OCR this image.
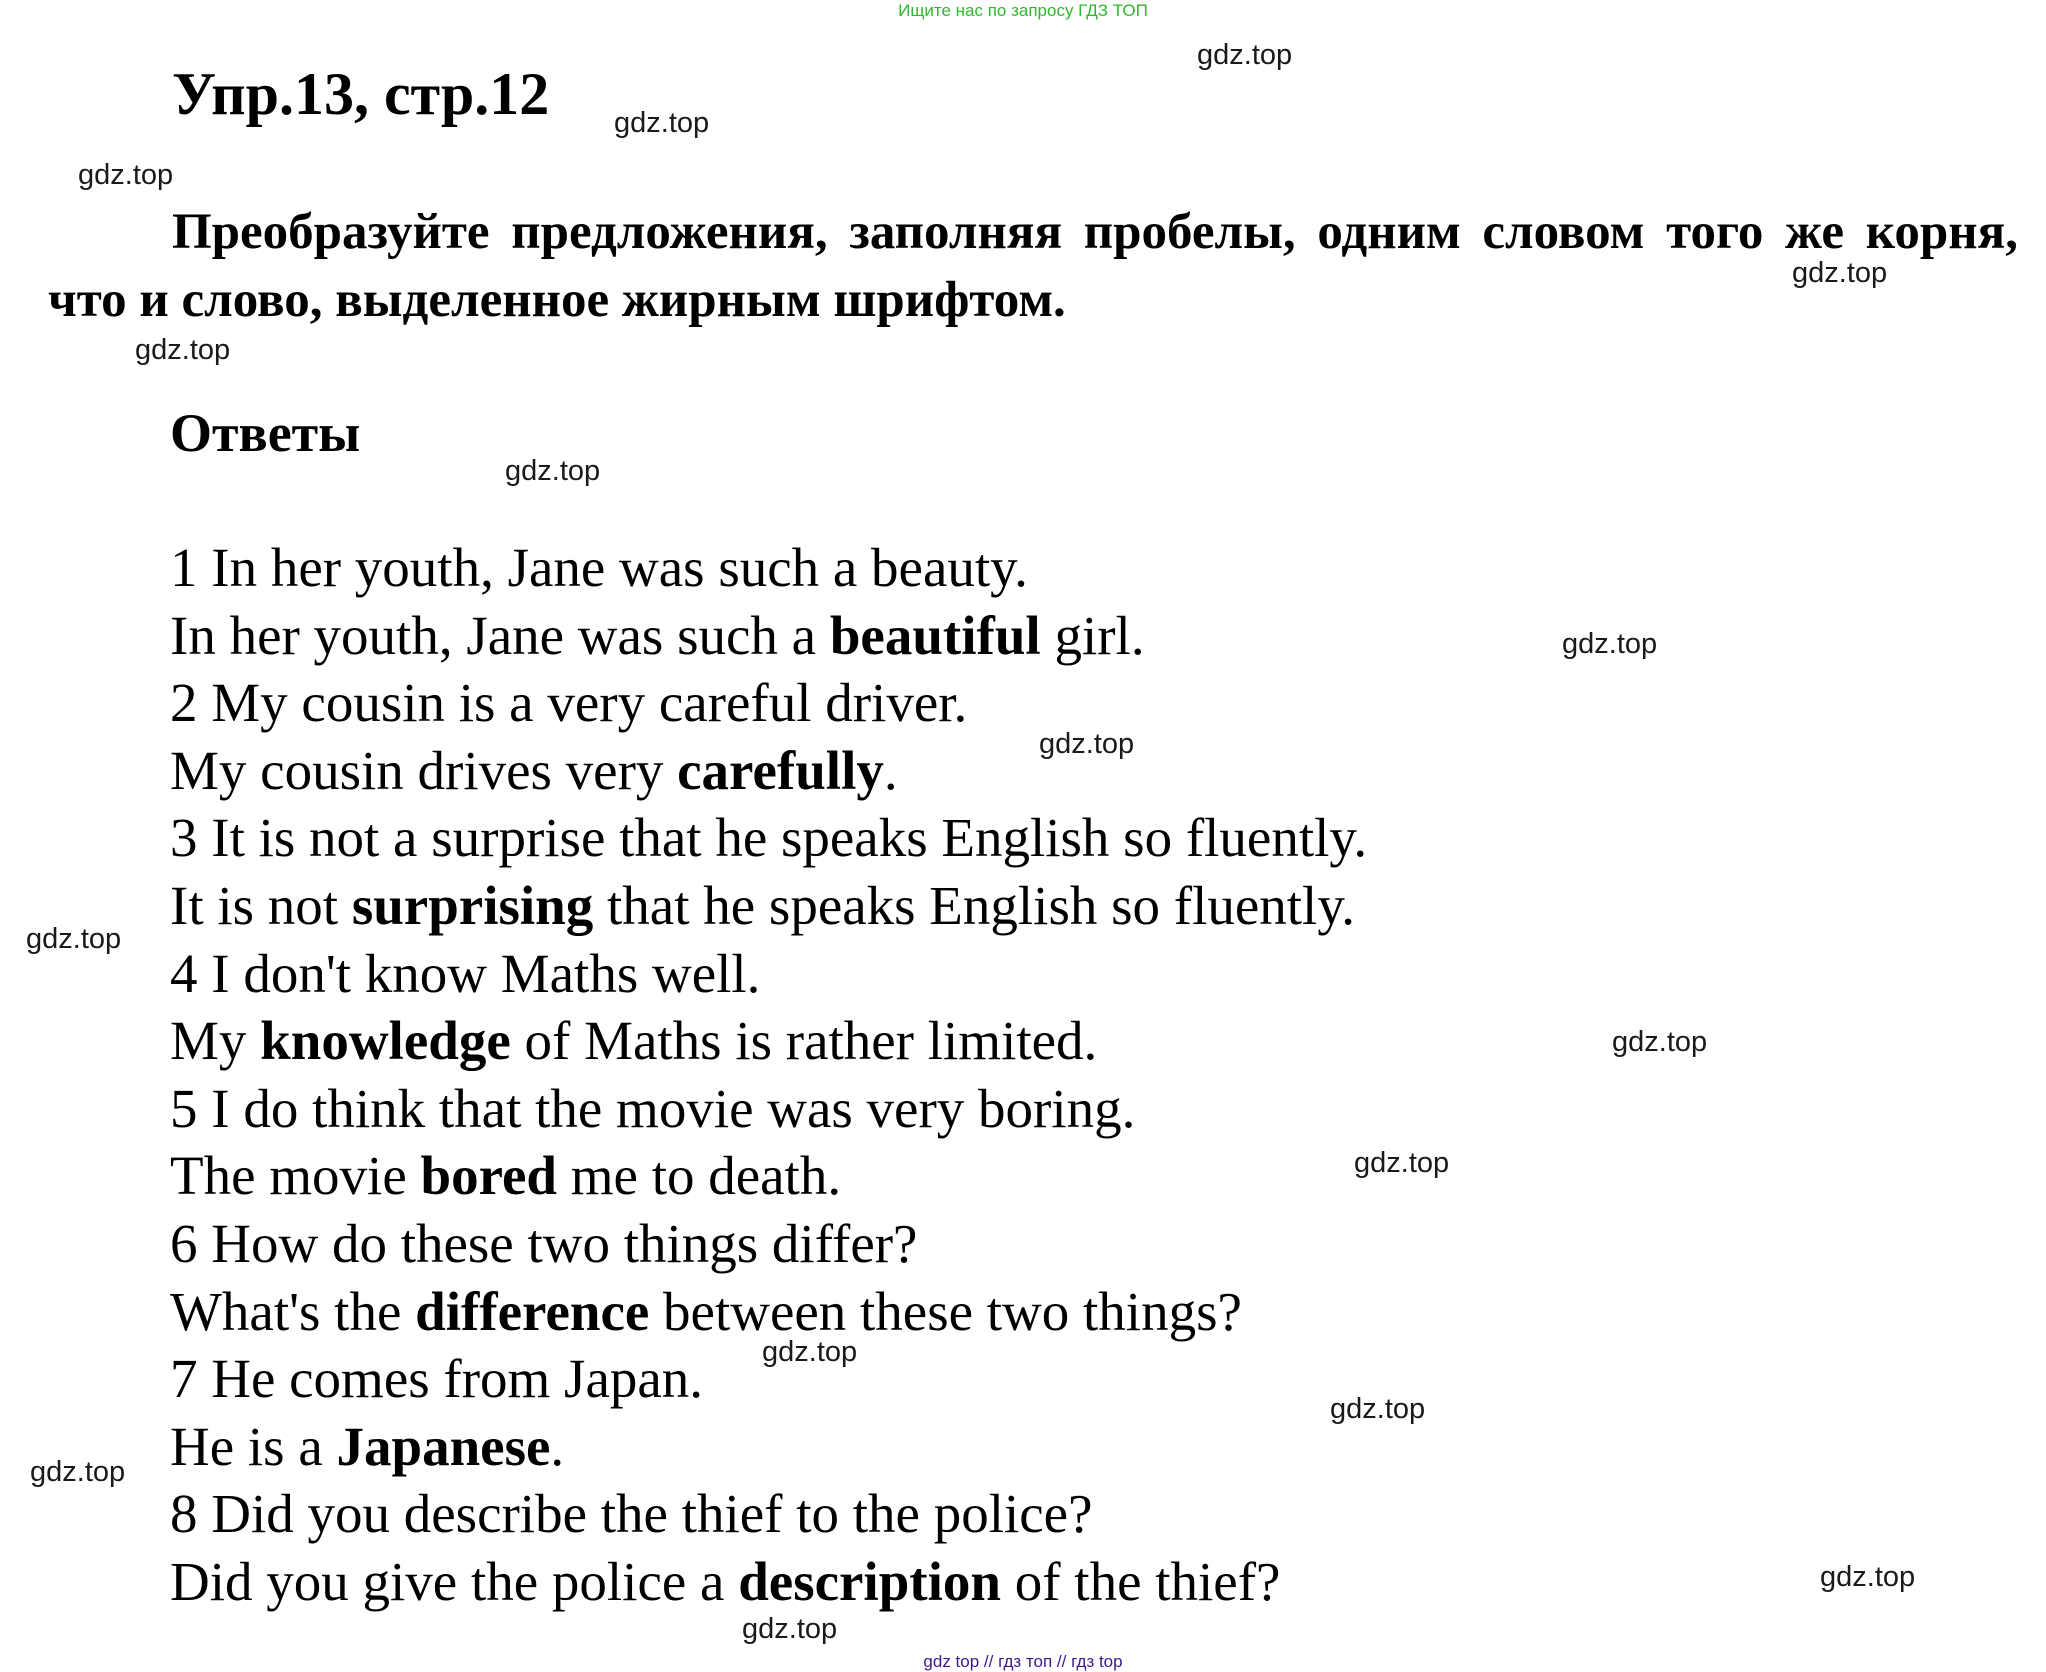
Ищите нас по запросу ГДЗ ТОП
Упр.13, стр.12
Преобразуйте предложения, заполняя пробелы, одним словом того же корня, что и слово, выделенное жирным шрифтом.
Ответы
1 In her youth, Jane was such a beauty.
In her youth, Jane was such a beautiful girl.
2 My cousin is a very careful driver.
My cousin drives very carefully.
3 It is not a surprise that he speaks English so fluently.
It is not surprising that he speaks English so fluently.
4 I don't know Maths well.
My knowledge of Maths is rather limited.
5 I do think that the movie was very boring.
The movie bored me to death.
6 How do these two things differ?
What's the difference between these two things?
7 He comes from Japan.
He is a Japanese.
8 Did you describe the thief to the police?
Did you give the police a description of the thief?
gdz.top
gdz.top
gdz.top
gdz.top
gdz.top
gdz.top
gdz.top
gdz.top
gdz.top
gdz.top
gdz.top
gdz.top
gdz.top
gdz.top
gdz.top
gdz.top
gdz top // гдз топ // гдз top
